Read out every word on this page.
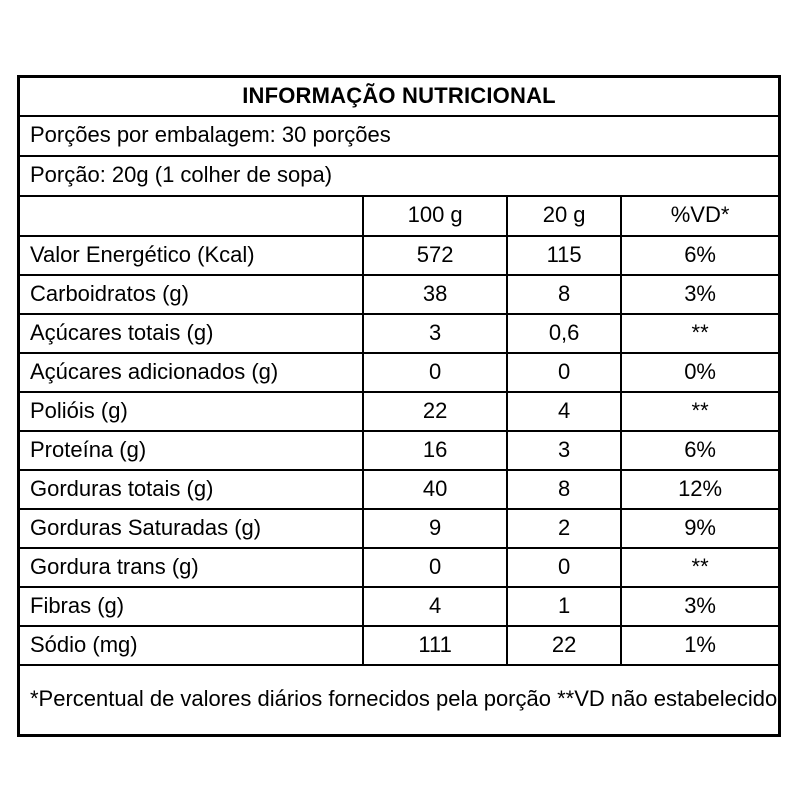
INFORMAÇÃO NUTRICIONAL			
Porções por embalagem: 30 porções			
Porção: 20g (1 colher de sopa)			
	100 g	20 g	%VD*
Valor Energético (Kcal)	572	115	6%
Carboidratos (g)	38	8	3%
Açúcares totais (g)	3	0,6	**
Açúcares adicionados (g)	0	0	0%
Polióis (g)	22	4	**
Proteína (g)	16	3	6%
Gorduras totais (g)	40	8	12%
Gorduras Saturadas (g)	9	2	9%
Gordura trans (g)	0	0	**
Fibras (g)	4	1	3%
Sódio (mg)	111	22	1%
*Percentual de valores diários fornecidos pela porção **VD não estabelecido			
